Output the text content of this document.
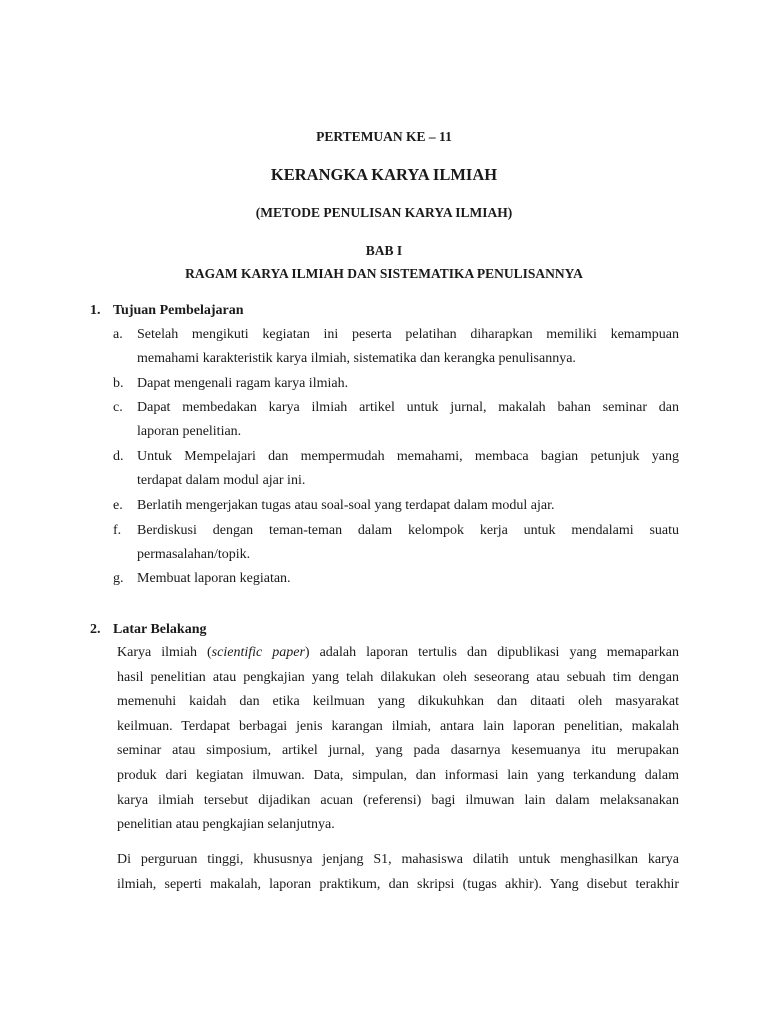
PERTEMUAN KE – 11
KERANGKA KARYA ILMIAH
(METODE PENULISAN KARYA ILMIAH)
BAB I
RAGAM KARYA ILMIAH DAN SISTEMATIKA PENULISANNYA
1. Tujuan Pembelajaran
a. Setelah mengikuti kegiatan ini peserta pelatihan diharapkan memiliki kemampuan
memahami karakteristik karya ilmiah, sistematika dan kerangka penulisannya.
b. Dapat mengenali ragam karya ilmiah.
c. Dapat membedakan karya ilmiah artikel untuk jurnal, makalah bahan seminar dan
laporan penelitian.
d. Untuk Mempelajari dan mempermudah memahami, membaca bagian petunjuk yang
terdapat dalam modul ajar ini.
e. Berlatih mengerjakan tugas atau soal-soal yang terdapat dalam modul ajar.
f. Berdiskusi dengan teman-teman dalam kelompok kerja untuk mendalami suatu
permasalahan/topik.
g. Membuat laporan kegiatan.
2. Latar Belakang
Karya ilmiah (scientific paper) adalah laporan tertulis dan dipublikasi yang memaparkan
hasil penelitian atau pengkajian yang telah dilakukan oleh seseorang atau sebuah tim dengan
memenuhi kaidah dan etika keilmuan yang dikukuhkan dan ditaati oleh masyarakat
keilmuan. Terdapat berbagai jenis karangan ilmiah, antara lain laporan penelitian, makalah
seminar atau simposium, artikel jurnal, yang pada dasarnya kesemuanya itu merupakan
produk dari kegiatan ilmuwan. Data, simpulan, dan informasi lain yang terkandung dalam
karya ilmiah tersebut dijadikan acuan (referensi) bagi ilmuwan lain dalam melaksanakan
penelitian atau pengkajian selanjutnya.
Di perguruan tinggi, khususnya jenjang S1, mahasiswa dilatih untuk menghasilkan karya
ilmiah, seperti makalah, laporan praktikum, dan skripsi (tugas akhir). Yang disebut terakhir
